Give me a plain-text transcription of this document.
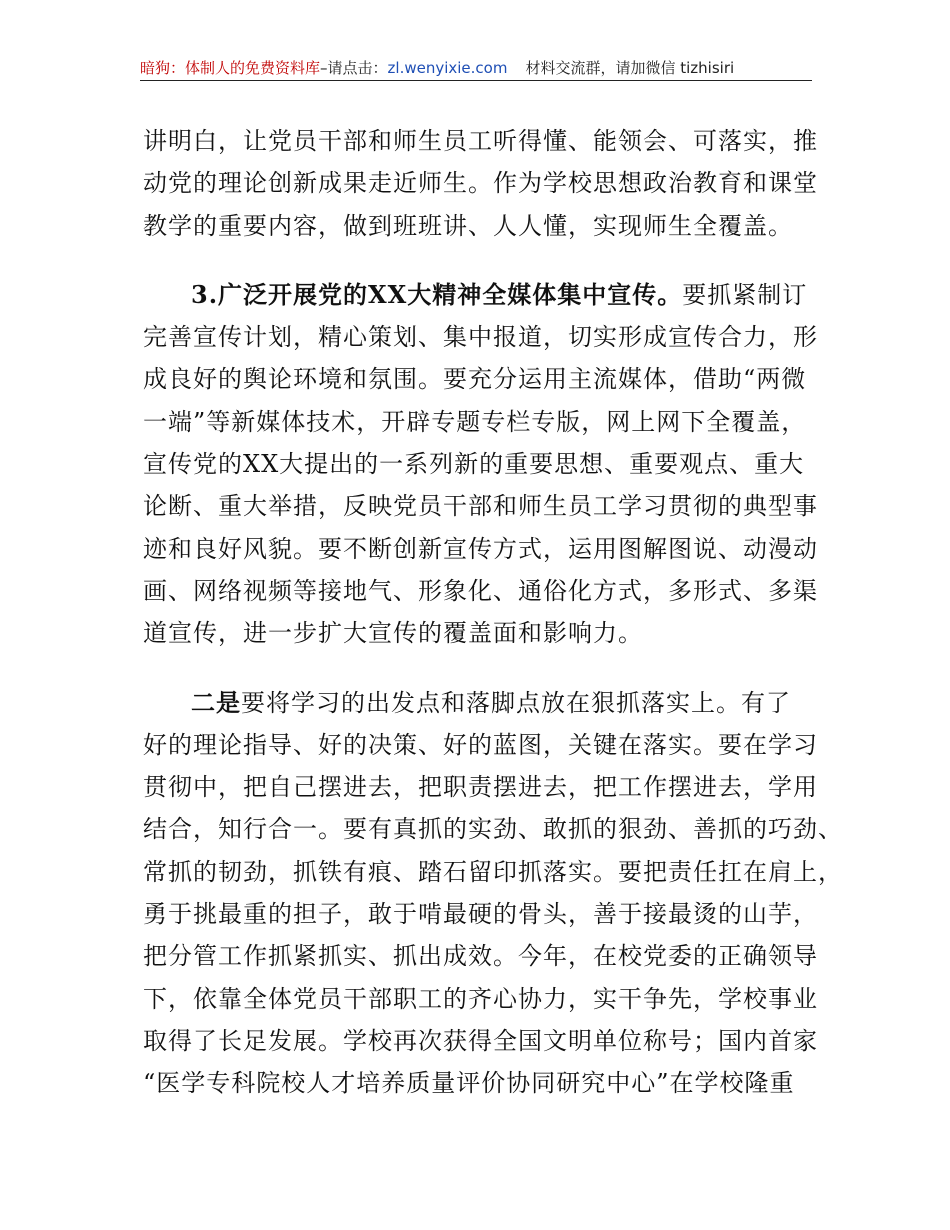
暗狗：体制人的免费资料库–请点击：zl.wenyixie.com 材料交流群，请加微信 tizhisiri
讲明白，让党员干部和师生员工听得懂、能领会、可落实，推
动党的理论创新成果走近师生。作为学校思想政治教育和课堂
教学的重要内容，做到班班讲、人人懂，实现师生全覆盖。
3.广泛开展党的XX大精神全媒体集中宣传。要抓紧制订
完善宣传计划，精心策划、集中报道，切实形成宣传合力，形
成良好的舆论环境和氛围。要充分运用主流媒体，借助“两微
一端”等新媒体技术，开辟专题专栏专版，网上网下全覆盖，
宣传党的XX大提出的一系列新的重要思想、重要观点、重大
论断、重大举措，反映党员干部和师生员工学习贯彻的典型事
迹和良好风貌。要不断创新宣传方式，运用图解图说、动漫动
画、网络视频等接地气、形象化、通俗化方式，多形式、多渠
道宣传，进一步扩大宣传的覆盖面和影响力。
二是要将学习的出发点和落脚点放在狠抓落实上。有了
好的理论指导、好的决策、好的蓝图，关键在落实。要在学习
贯彻中，把自己摆进去，把职责摆进去，把工作摆进去，学用
结合，知行合一。要有真抓的实劲、敢抓的狠劲、善抓的巧劲、
常抓的韧劲，抓铁有痕、踏石留印抓落实。要把责任扛在肩上，
勇于挑最重的担子，敢于啃最硬的骨头，善于接最烫的山芋，
把分管工作抓紧抓实、抓出成效。今年，在校党委的正确领导
下，依靠全体党员干部职工的齐心协力，实干争先，学校事业
取得了长足发展。学校再次获得全国文明单位称号；国内首家
“医学专科院校人才培养质量评价协同研究中心”在学校隆重
